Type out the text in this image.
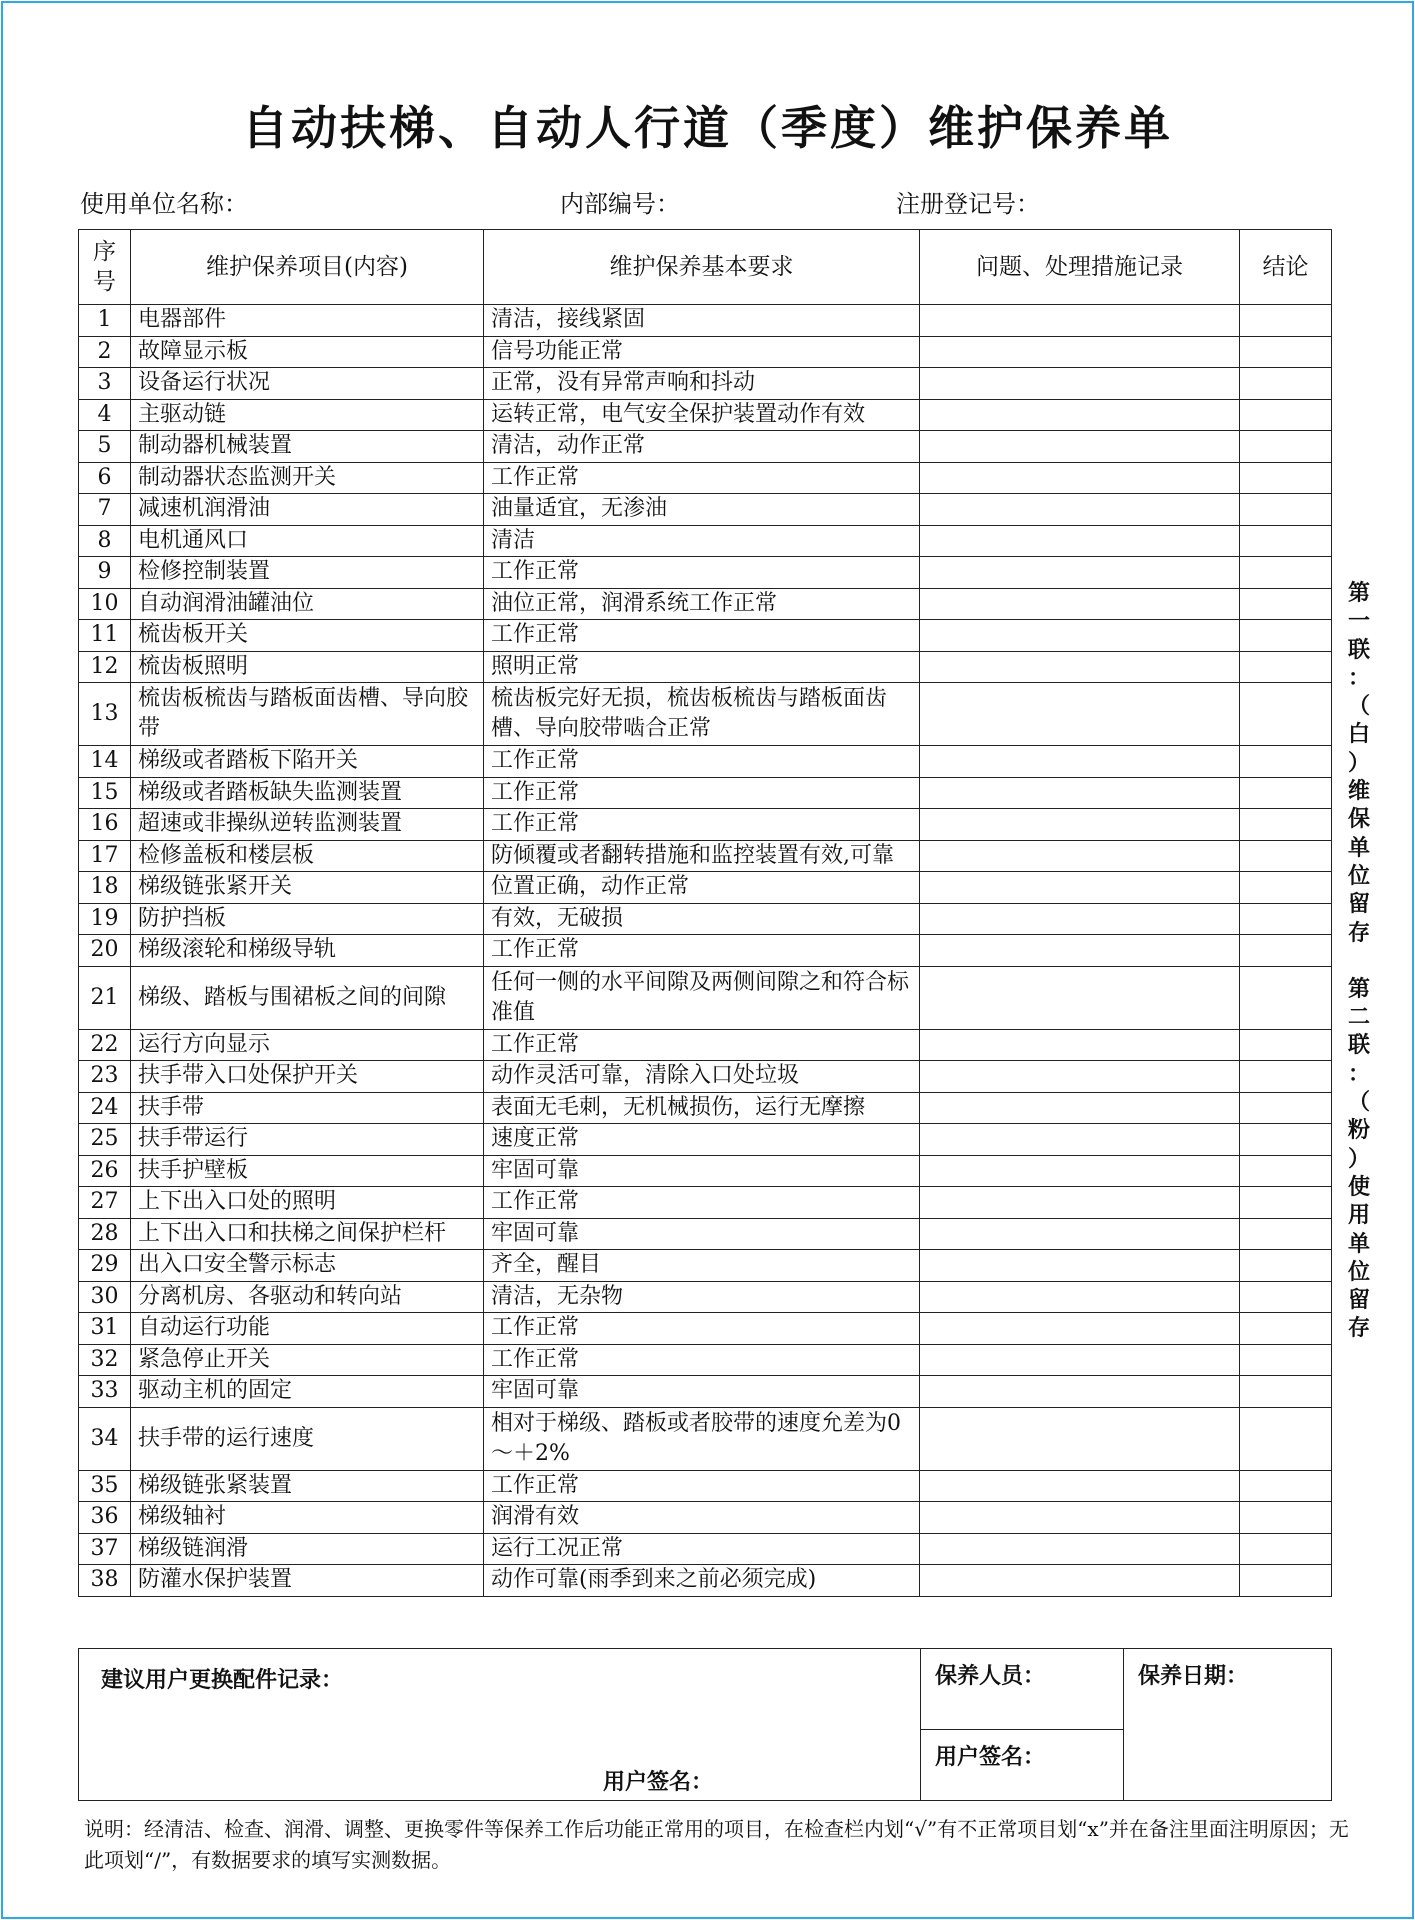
自动扶梯、自动人行道（季度）维护保养单
使用单位名称：	内部编号：	注册登记号：
序
号	维护保养项目(内容)	维护保养基本要求	问题、处理措施记录	结论
1	电器部件	清洁，接线紧固		
2	故障显示板	信号功能正常		
3	设备运行状况	正常，没有异常声响和抖动		
4	主驱动链	运转正常，电气安全保护装置动作有效		
5	制动器机械装置	清洁，动作正常		
6	制动器状态监测开关	工作正常		
7	减速机润滑油	油量适宜，无渗油		
8	电机通风口	清洁		
9	检修控制装置	工作正常		
10	自动润滑油罐油位	油位正常，润滑系统工作正常		
11	梳齿板开关	工作正常		
12	梳齿板照明	照明正常		
13	梳齿板梳齿与踏板面齿槽、导向胶带	梳齿板完好无损，梳齿板梳齿与踏板面齿槽、导向胶带啮合正常		
14	梯级或者踏板下陷开关	工作正常		
15	梯级或者踏板缺失监测装置	工作正常		
16	超速或非操纵逆转监测装置	工作正常		
17	检修盖板和楼层板	防倾覆或者翻转措施和监控装置有效,可靠		
18	梯级链张紧开关	位置正确，动作正常		
19	防护挡板	有效，无破损		
20	梯级滚轮和梯级导轨	工作正常		
21	梯级、踏板与围裙板之间的间隙	任何一侧的水平间隙及两侧间隙之和符合标准值		
22	运行方向显示	工作正常		
23	扶手带入口处保护开关	动作灵活可靠，清除入口处垃圾		
24	扶手带	表面无毛刺，无机械损伤，运行无摩擦		
25	扶手带运行	速度正常		
26	扶手护壁板	牢固可靠		
27	上下出入口处的照明	工作正常		
28	上下出入口和扶梯之间保护栏杆	牢固可靠		
29	出入口安全警示标志	齐全，醒目		
30	分离机房、各驱动和转向站	清洁，无杂物		
31	自动运行功能	工作正常		
32	紧急停止开关	工作正常		
33	驱动主机的固定	牢固可靠		
34	扶手带的运行速度	相对于梯级、踏板或者胶带的速度允差为0～＋2%		
35	梯级链张紧装置	工作正常		
36	梯级轴衬	润滑有效		
37	梯级链润滑	运行工况正常		
38	防灌水保护装置	动作可靠(雨季到来之前必须完成)		
建议用户更换配件记录：
用户签名：

保养人员：	保养日期：

用户签名：
第
一
联
：
（
白
）
维
保
单
位
留
存

第
二
联
：
（
粉
）
使
用
单
位
留
存
说明：经清洁、检查、润滑、调整、更换零件等保养工作后功能正常用的项目，在检查栏内划“√”有不正常项目划“x”并在备注里面注明原因；无此项划“/”，有数据要求的填写实测数据。
